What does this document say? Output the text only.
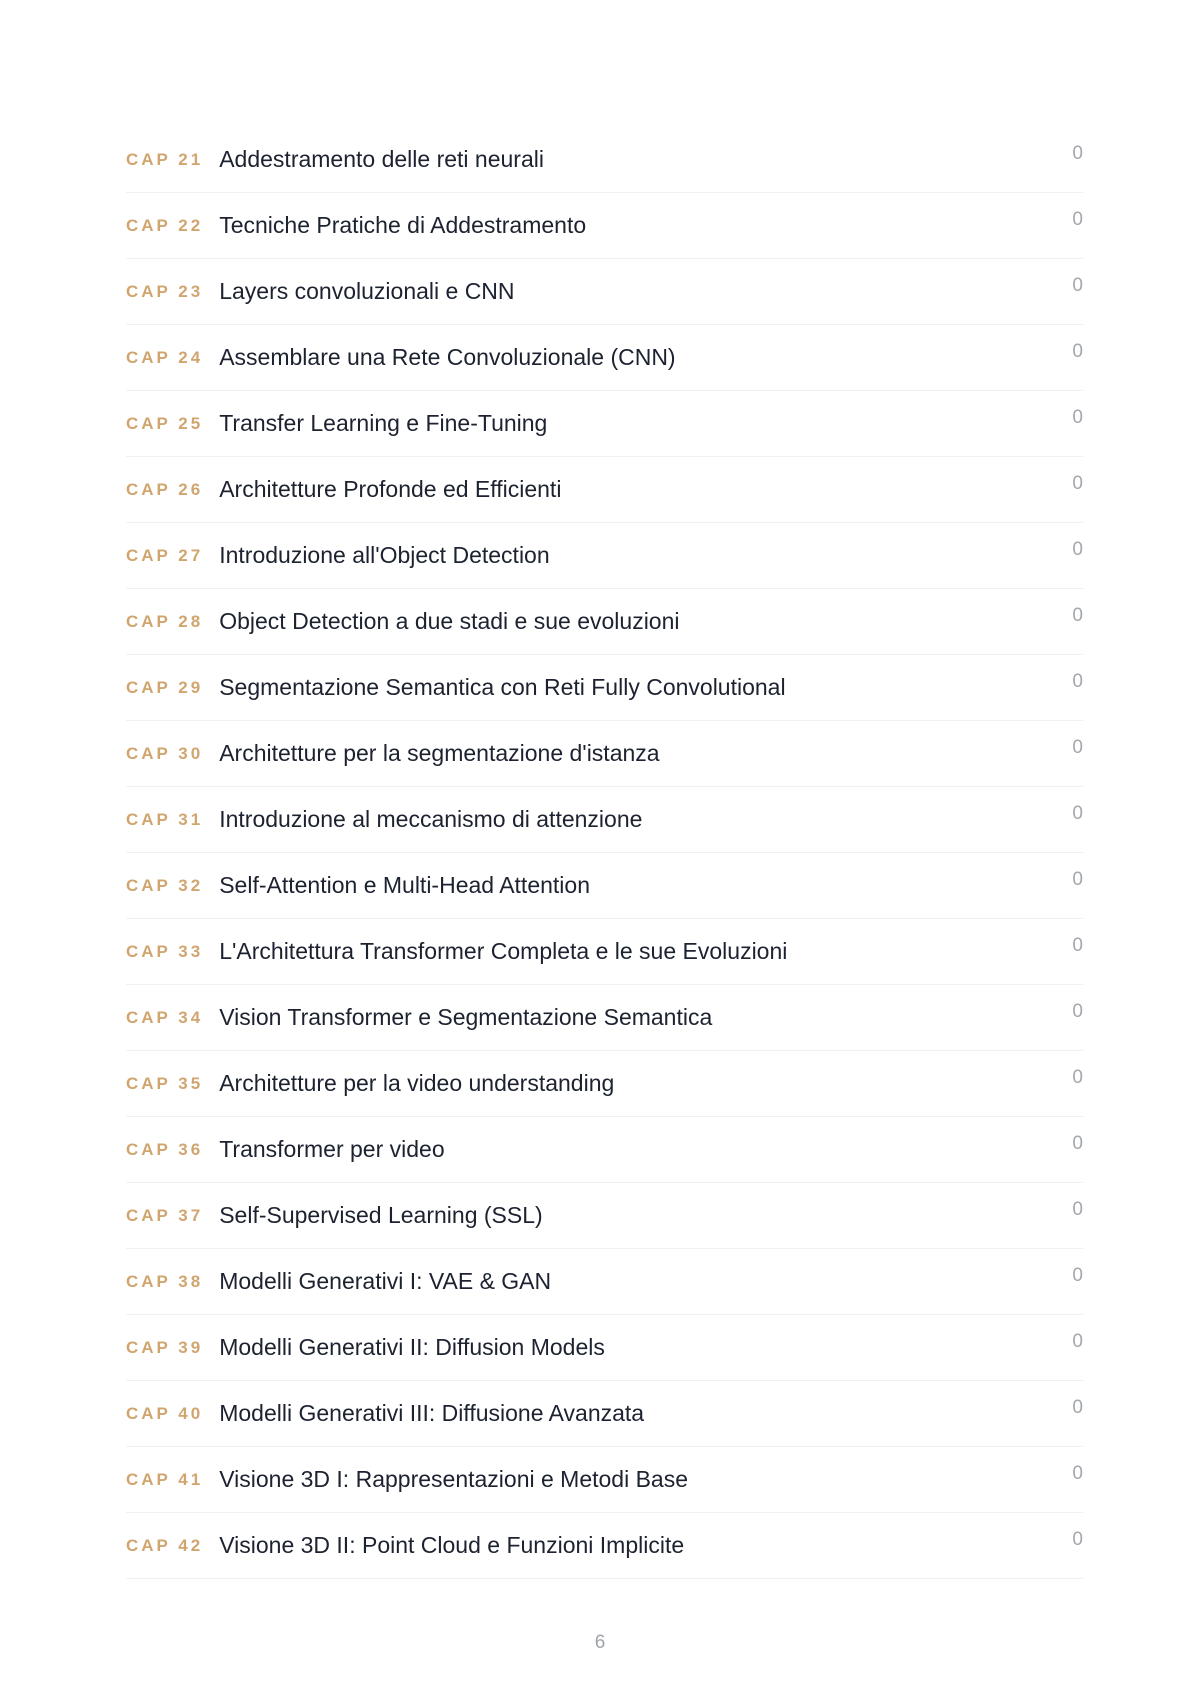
CAP 21 Addestramento delle reti neurali	0
CAP 22 Tecniche Pratiche di Addestramento	0
CAP 23 Layers convoluzionali e CNN	0
CAP 24 Assemblare una Rete Convoluzionale (CNN)	0
CAP 25 Transfer Learning e Fine-Tuning	0
CAP 26 Architetture Profonde ed Efficienti	0
CAP 27 Introduzione all'Object Detection	0
CAP 28 Object Detection a due stadi e sue evoluzioni	0
CAP 29 Segmentazione Semantica con Reti Fully Convolutional	0
CAP 30 Architetture per la segmentazione d'istanza	0
CAP 31 Introduzione al meccanismo di attenzione	0
CAP 32 Self-Attention e Multi-Head Attention	0
CAP 33 L'Architettura Transformer Completa e le sue Evoluzioni	0
CAP 34 Vision Transformer e Segmentazione Semantica	0
CAP 35 Architetture per la video understanding	0
CAP 36 Transformer per video	0
CAP 37 Self-Supervised Learning (SSL)	0
CAP 38 Modelli Generativi I: VAE & GAN	0
CAP 39 Modelli Generativi II: Diffusion Models	0
CAP 40 Modelli Generativi III: Diffusione Avanzata	0
CAP 41 Visione 3D I: Rappresentazioni e Metodi Base	0
CAP 42 Visione 3D II: Point Cloud e Funzioni Implicite	0
6
